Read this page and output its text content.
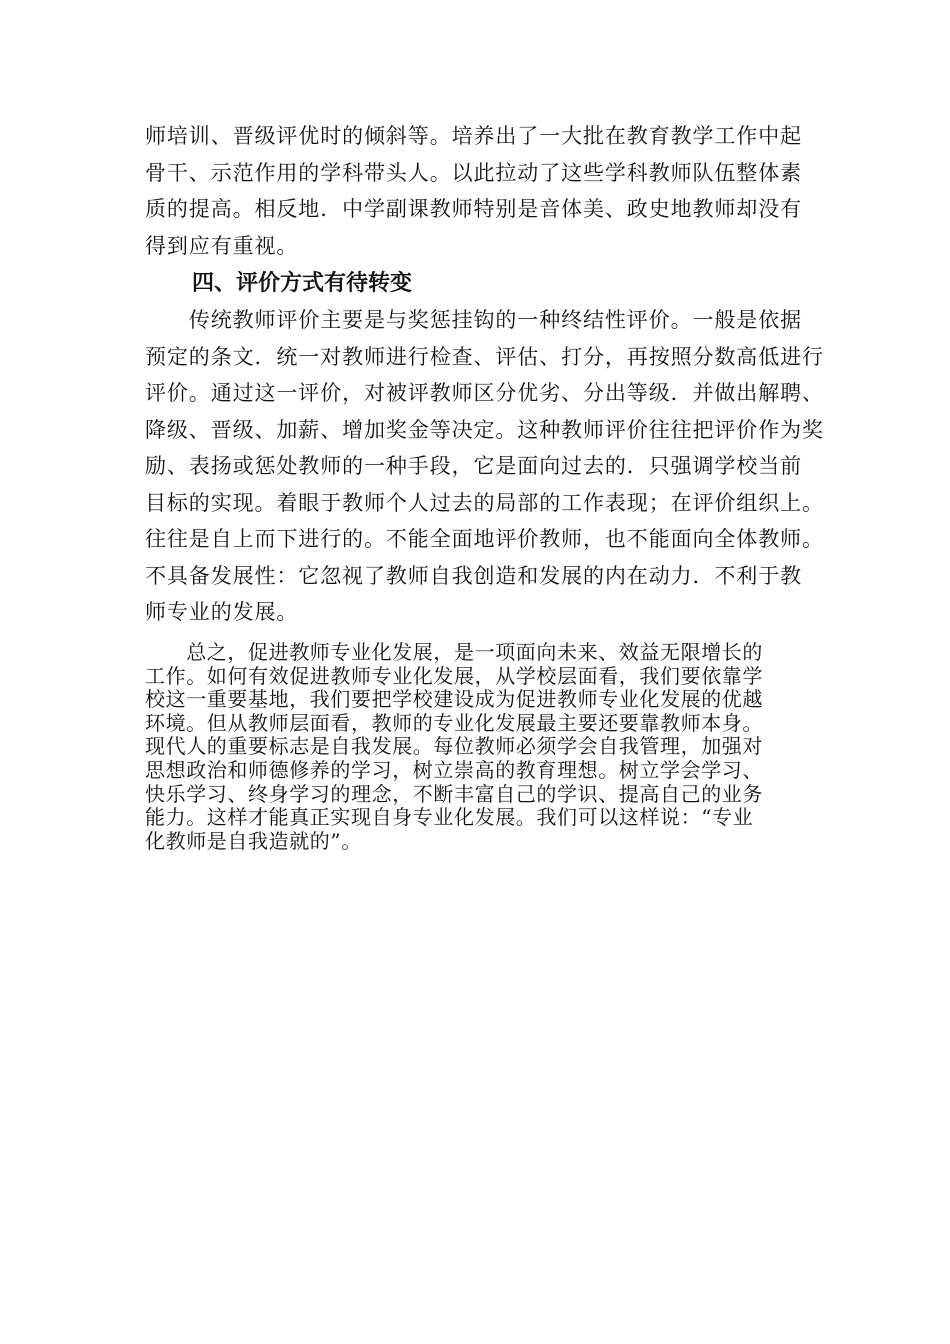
师培训、晋级评优时的倾斜等。培养出了一大批在教育教学工作中起
骨干、示范作用的学科带头人。以此拉动了这些学科教师队伍整体素
质的提高。相反地．中学副课教师特别是音体美、政史地教师却没有
得到应有重视。

四、评价方式有待转变

　　传统教师评价主要是与奖惩挂钩的一种终结性评价。一般是依据
预定的条文．统一对教师进行检查、评估、打分，再按照分数高低进行
评价。通过这一评价，对被评教师区分优劣、分出等级．并做出解聘、
降级、晋级、加薪、增加奖金等决定。这种教师评价往往把评价作为奖
励、表扬或惩处教师的一种手段，它是面向过去的．只强调学校当前
目标的实现。着眼于教师个人过去的局部的工作表现；在评价组织上。
往往是自上而下进行的。不能全面地评价教师，也不能面向全体教师。
不具备发展性：它忽视了教师自我创造和发展的内在动力．不利于教
师专业的发展。

　　总之，促进教师专业化发展，是一项面向未来、效益无限增长的
工作。如何有效促进教师专业化发展，从学校层面看，我们要依靠学
校这一重要基地，我们要把学校建设成为促进教师专业化发展的优越
环境。但从教师层面看，教师的专业化发展最主要还要靠教师本身。
现代人的重要标志是自我发展。每位教师必须学会自我管理，加强对
思想政治和师德修养的学习，树立崇高的教育理想。树立学会学习、
快乐学习、终身学习的理念，不断丰富自己的学识、提高自己的业务
能力。这样才能真正实现自身专业化发展。我们可以这样说：“专业
化教师是自我造就的”。
